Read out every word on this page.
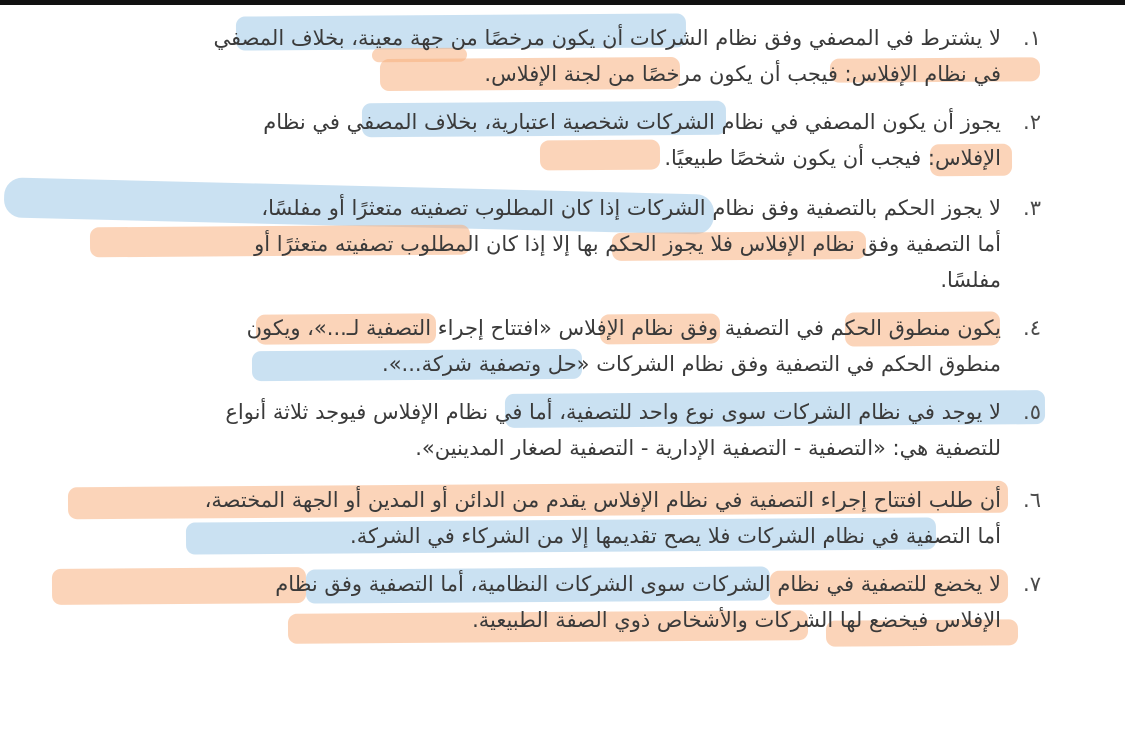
١.
لا يشترط في المصفي وفق نظام الشركات أن يكون مرخصًا من جهة معينة، بخلاف المصفي
في نظام الإفلاس: فيجب أن يكون مرخصًا من لجنة الإفلاس.
٢.
يجوز أن يكون المصفي في نظام الشركات شخصية اعتبارية، بخلاف المصفي في نظام
الإفلاس: فيجب أن يكون شخصًا طبيعيًا.
٣.
لا يجوز الحكم بالتصفية وفق نظام الشركات إذا كان المطلوب تصفيته متعثرًا أو مفلسًا،
أما التصفية وفق نظام الإفلاس فلا يجوز الحكم بها إلا إذا كان المطلوب تصفيته متعثرًا أو
مفلسًا.
٤.
يكون منطوق الحكم في التصفية وفق نظام الإفلاس «افتتاح إجراء التصفية لـ...»، ويكون
منطوق الحكم في التصفية وفق نظام الشركات «حل وتصفية شركة...».
٥.
لا يوجد في نظام الشركات سوى نوع واحد للتصفية، أما في نظام الإفلاس فيوجد ثلاثة أنواع
للتصفية هي: «التصفية - التصفية الإدارية - التصفية لصغار المدينين».
٦.
أن طلب افتتاح إجراء التصفية في نظام الإفلاس يقدم من الدائن أو المدين أو الجهة المختصة،
أما التصفية في نظام الشركات فلا يصح تقديمها إلا من الشركاء في الشركة.
٧.
لا يخضع للتصفية في نظام الشركات سوى الشركات النظامية، أما التصفية وفق نظام
الإفلاس فيخضع لها الشركات والأشخاص ذوي الصفة الطبيعية.
